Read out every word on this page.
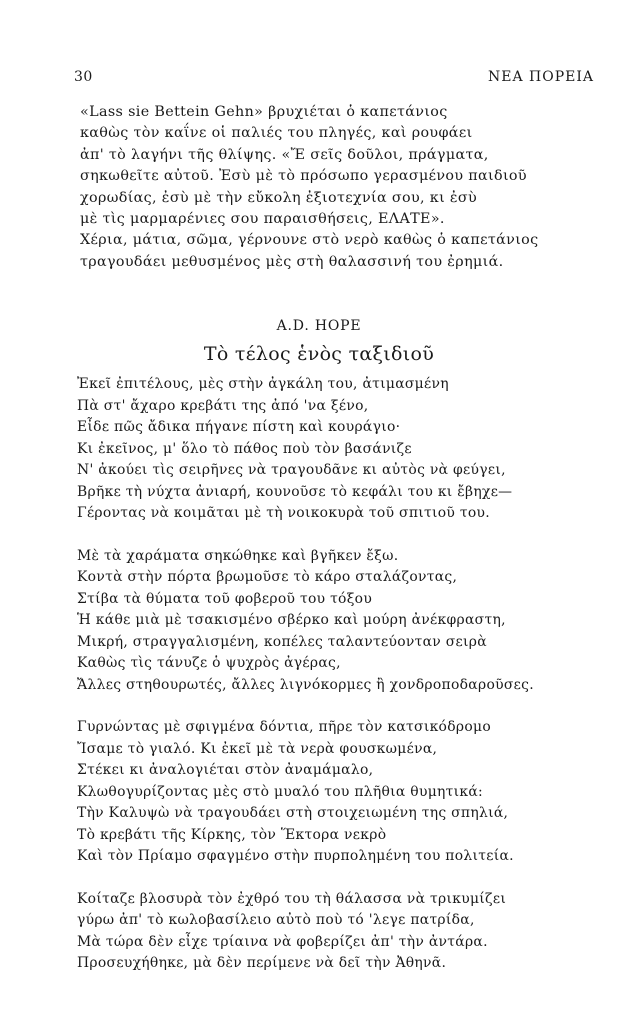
30	ΝΕΑ ΠΟΡΕΙΑ
«Lass sie Bettein Gehn» βρυχιέται ὁ καπετάνιος
καθὼς τὸν καΐνε οἱ παλιές του πληγές, καὶ ρουφάει
ἀπ' τὸ λαγήνι τῆς θλίψης. «Ἔ σεῖς δοῦλοι, πράγματα,
σηκωθεῖτε αὐτοῦ. Ἐσὺ μὲ τὸ πρόσωπο γερασμένου παιδιοῦ
χορωδίας, ἐσὺ μὲ τὴν εὔκολη ἐξιοτεχνία σου, κι ἐσὺ
μὲ τὶς μαρμαρένιες σου παραισθήσεις, ΕΛΑΤΕ».
Χέρια, μάτια, σῶμα, γέρνουνε στὸ νερὸ καθὼς ὁ καπετάνιος
τραγουδάει μεθυσμένος μὲς στὴ θαλασσινή του ἐρημιά.
A.D. HOPE
Τὸ τέλος ἑνὸς ταξιδιοῦ
Ἐκεῖ ἐπιτέλους, μὲς στὴν ἀγκάλη του, ἀτιμασμένη
Πὰ στ' ἄχαρο κρεβάτι της ἀπό 'να ξένο,
Εἶδε πῶς ἄδικα πήγανε πίστη καὶ κουράγιο·
Κι ἐκεῖνος, μ' ὅλο τὸ πάθος ποὺ τὸν βασάνιζε
Ν' ἀκούει τὶς σειρῆνες νὰ τραγουδᾶνε κι αὐτὸς νὰ φεύγει,
Βρῆκε τὴ νύχτα ἀνιαρή, κουνοῦσε τὸ κεφάλι του κι ἔβηχε—
Γέροντας νὰ κοιμᾶται μὲ τὴ νοικοκυρὰ τοῦ σπιτιοῦ του.
Μὲ τὰ χαράματα σηκώθηκε καὶ βγῆκεν ἔξω.
Κοντὰ στὴν πόρτα βρωμοῦσε τὸ κάρο σταλάζοντας,
Στίβα τὰ θύματα τοῦ φοβεροῦ του τόξου
Ἡ κάθε μιὰ μὲ τσακισμένο σβέρκο καὶ μούρη ἀνέκφραστη,
Μικρή, στραγγαλισμένη, κοπέλες ταλαντεύονταν σειρὰ
Καθὼς τὶς τάνυζε ὁ ψυχρὸς ἀγέρας,
Ἄλλες στηθουρωτές, ἄλλες λιγνόκορμες ἢ χονδροποδαροῦσες.
Γυρνώντας μὲ σφιγμένα δόντια, πῆρε τὸν κατσικόδρομο
Ἴσαμε τὸ γιαλό. Κι ἐκεῖ μὲ τὰ νερὰ φουσκωμένα,
Στέκει κι ἀναλογιέται στὸν ἀναμάμαλο,
Κλωθογυρίζοντας μὲς στὸ μυαλό του πλῆθια θυμητικά:
Τὴν Καλυψὼ νὰ τραγουδάει στὴ στοιχειωμένη της σπηλιά,
Τὸ κρεβάτι τῆς Κίρκης, τὸν Ἕκτορα νεκρὸ
Καὶ τὸν Πρίαμο σφαγμένο στὴν πυρπολημένη του πολιτεία.
Κοίταζε βλοσυρὰ τὸν ἐχθρό του τὴ θάλασσα νὰ τρικυμίζει
γύρω ἀπ' τὸ κωλοβασίλειο αὐτὸ ποὺ τό 'λεγε πατρίδα,
Μὰ τώρα δὲν εἶχε τρίαινα νὰ φοβερίζει ἀπ' τὴν ἀντάρα.
Προσευχήθηκε, μὰ δὲν περίμενε νὰ δεῖ τὴν Ἀθηνᾶ.
